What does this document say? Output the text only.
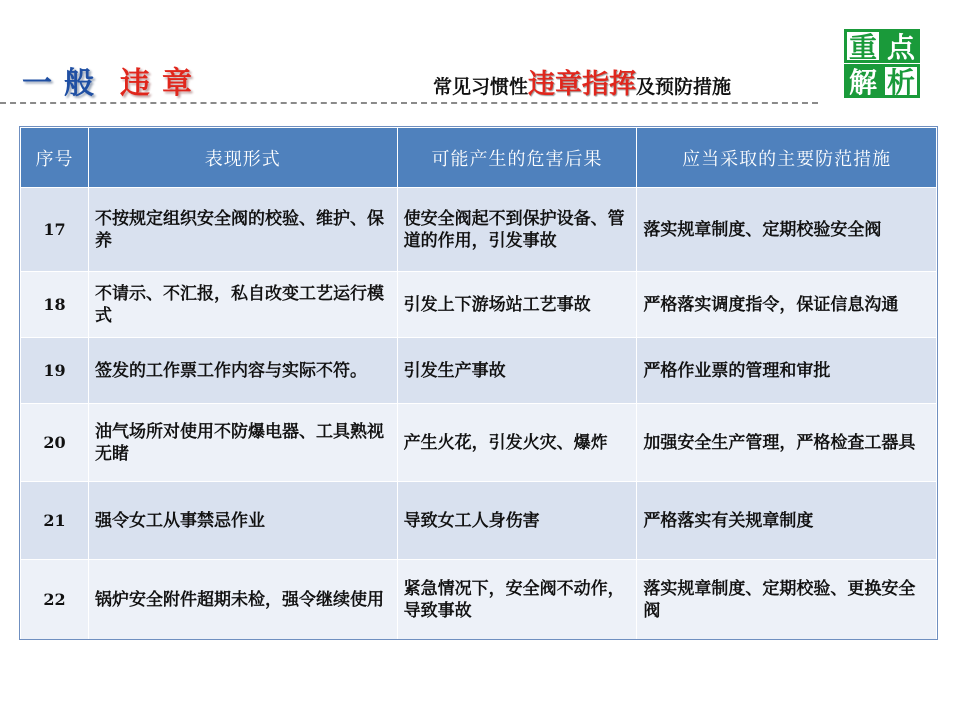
一般 违章	常见习惯性违章指挥及预防措施
重 点
解 析
序号	表现形式	可能产生的危害后果	应当采取的主要防范措施
17	不按规定组织安全阀的校验、维护、保养	使安全阀起不到保护设备、管道的作用，引发事故	落实规章制度、定期校验安全阀
18	不请示、不汇报，私自改变工艺运行模式	引发上下游场站工艺事故	严格落实调度指令，保证信息沟通
19	签发的工作票工作内容与实际不符。	引发生产事故	严格作业票的管理和审批
20	油气场所对使用不防爆电器、工具熟视无睹	产生火花，引发火灾、爆炸	加强安全生产管理，严格检查工器具
21	强令女工从事禁忌作业	导致女工人身伤害	严格落实有关规章制度
22	锅炉安全附件超期未检，强令继续使用	紧急情况下，安全阀不动作，导致事故	落实规章制度、定期校验、更换安全阀
